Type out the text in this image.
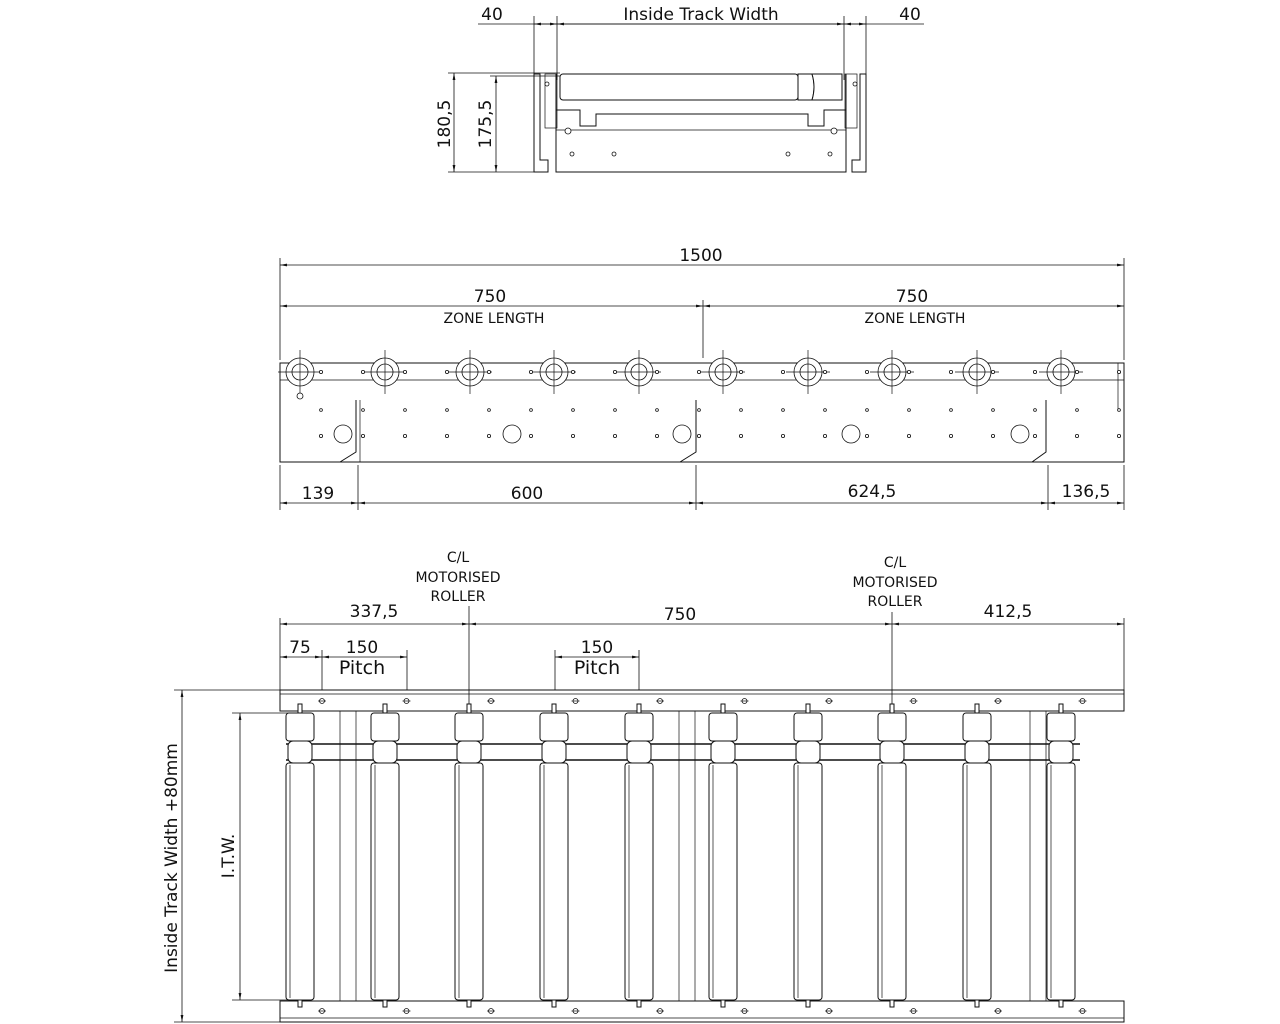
40	Inside Track Width	40
180,5 175,5
1500
750
ZONE LENGTH
750
ZONE LENGTH
139	600	624,5	136,5
C/L
MOTORISED
ROLLER
C/L
MOTORISED
ROLLER
337,5	750	412,5
75 150
Pitch
150
Pitch
Inside Track Width +80mm I.T.W.
